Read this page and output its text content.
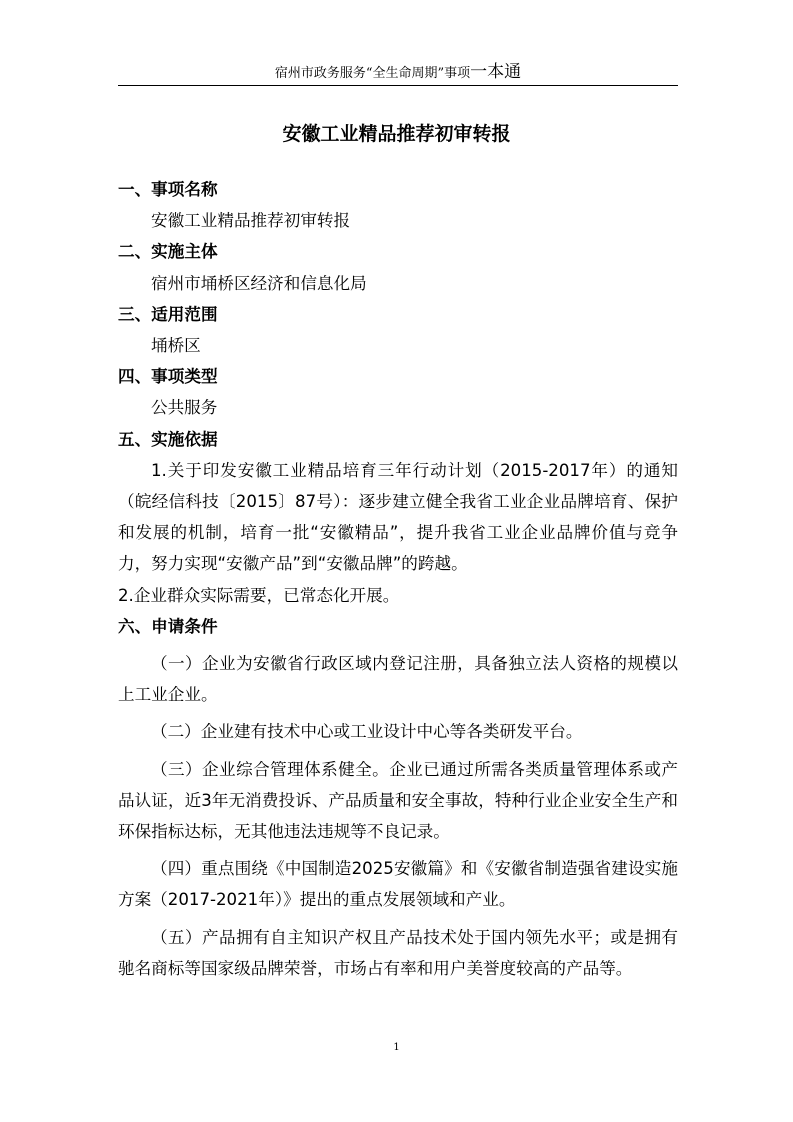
宿州市政务服务“全生命周期”事项一本通
安徽工业精品推荐初审转报
一、事项名称
安徽工业精品推荐初审转报
二、实施主体
宿州市埇桥区经济和信息化局
三、适用范围
埇桥区
四、事项类型
公共服务
五、实施依据

1.关于印发安徽工业精品培育三年行动计划（2015-2017年）的通知（皖经信科技〔2015〕87号）：逐步建立健全我省工业企业品牌培育、保护和发展的机制，培育一批“安徽精品”，提升我省工业企业品牌价值与竞争力，努力实现“安徽产品”到“安徽品牌”的跨越。

2.企业群众实际需要，已常态化开展。

六、申请条件

（一）企业为安徽省行政区域内登记注册，具备独立法人资格的规模以上工业企业。

（二）企业建有技术中心或工业设计中心等各类研发平台。

（三）企业综合管理体系健全。企业已通过所需各类质量管理体系或产品认证，近3年无消费投诉、产品质量和安全事故，特种行业企业安全生产和环保指标达标，无其他违法违规等不良记录。

（四）重点围绕《中国制造2025安徽篇》和《安徽省制造强省建设实施方案（2017-2021年）》提出的重点发展领域和产业。

（五）产品拥有自主知识产权且产品技术处于国内领先水平；或是拥有驰名商标等国家级品牌荣誉，市场占有率和用户美誉度较高的产品等。

1
